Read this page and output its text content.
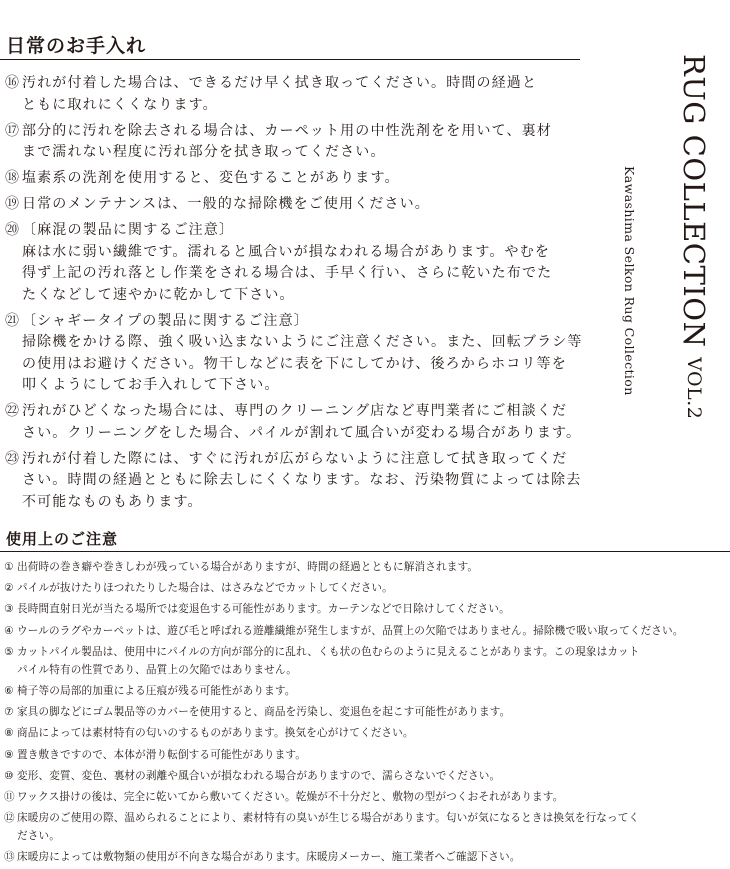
日常のお手入れ
⑯ 汚れが付着した場合は、できるだけ早く拭き取ってください。時間の経過と
ともに取れにくくなります。
⑰ 部分的に汚れを除去される場合は、カーペット用の中性洗剤をを用いて、裏材
まで濡れない程度に汚れ部分を拭き取ってください。
⑱ 塩素系の洗剤を使用すると、変色することがあります。
⑲ 日常のメンテナンスは、一般的な掃除機をご使用ください。
⑳ 〔麻混の製品に関するご注意〕
麻は水に弱い繊維です。濡れると風合いが損なわれる場合があります。やむを
得ず上記の汚れ落とし作業をされる場合は、手早く行い、さらに乾いた布でた
たくなどして速やかに乾かして下さい。
㉑ 〔シャギータイプの製品に関するご注意〕
掃除機をかける際、強く吸い込まないようにご注意ください。また、回転ブラシ等
の使用はお避けください。物干しなどに表を下にしてかけ、後ろからホコリ等を
叩くようにしてお手入れして下さい。
㉒ 汚れがひどくなった場合には、専門のクリーニング店など専門業者にご相談くだ
さい。クリーニングをした場合、パイルが割れて風合いが変わる場合があります。
㉓ 汚れが付着した際には、すぐに汚れが広がらないように注意して拭き取ってくだ
さい。時間の経過とともに除去しにくくなります。なお、汚染物質によっては除去
不可能なものもあります。
RUG COLLECTION VOL.2
Kawashima Selkon Rug Collection
使用上のご注意
① 出荷時の巻き癖や巻きしわが残っている場合がありますが、時間の経過とともに解消されます。
② パイルが抜けたりほつれたりした場合は、はさみなどでカットしてください。
③ 長時間直射日光が当たる場所では変退色する可能性があります。カーテンなどで日除けしてください。
④ ウールのラグやカーペットは、遊び毛と呼ばれる遊離繊維が発生しますが、品質上の欠陥ではありません。掃除機で吸い取ってください。
⑤ カットパイル製品は、使用中にパイルの方向が部分的に乱れ、くも状の色むらのように見えることがあります。この現象はカット
パイル特有の性質であり、品質上の欠陥ではありません。
⑥ 椅子等の局部的加重による圧痕が残る可能性があります。
⑦ 家具の脚などにゴム製品等のカバーを使用すると、商品を汚染し、変退色を起こす可能性があります。
⑧ 商品によっては素材特有の匂いのするものがあります。換気を心がけてください。
⑨ 置き敷きですので、本体が滑り転倒する可能性があります。
⑩ 変形、変質、変色、裏材の剥離や風合いが損なわれる場合がありますので、濡らさないでください。
⑪ ワックス掛けの後は、完全に乾いてから敷いてください。乾燥が不十分だと、敷物の型がつくおそれがあります。
⑫ 床暖房のご使用の際、温められることにより、素材特有の臭いが生じる場合があります。匂いが気になるときは換気を行なってく
ださい。
⑬ 床暖房によっては敷物類の使用が不向きな場合があります。床暖房メーカー、施工業者へご確認下さい。
